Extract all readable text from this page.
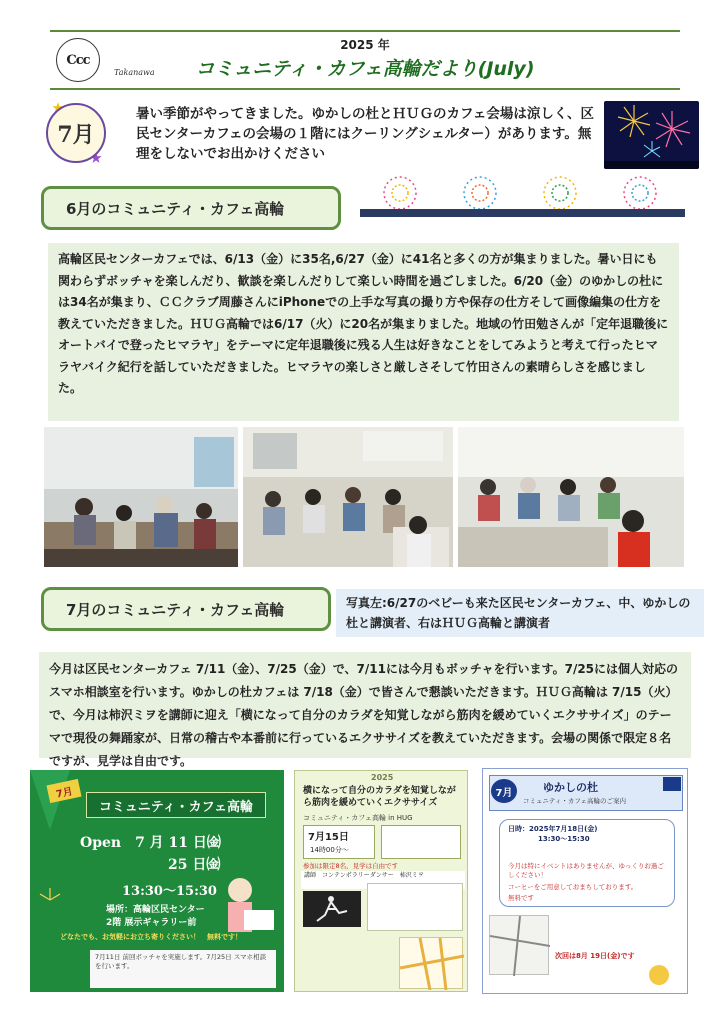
Ccc
Takanawa
2025 年
コミュニティ・カフェ高輪だより(July)
7月
暑い季節がやってきました。ゆかしの杜とＨＵＧのカフェ会場は涼しく、区民センターカフェの会場の１階にはクーリングシェルター）があります。無理をしないでお出かけください
6月のコミュニティ・カフェ高輪
高輪区民センターカフェでは、6/13（金）に35名,6/27（金）に41名と多くの方が集まりました。暑い日にも関わらずボッチャを楽しんだり、歓談を楽しんだりして楽しい時間を過ごしました。6/20（金）のゆかしの杜には34名が集まり、ＣＣクラブ周藤さんにiPhoneでの上手な写真の撮り方や保存の仕方そして画像編集の仕方を教えていただきました。ＨＵＧ高輪では6/17（火）に20名が集まりました。地域の竹田勉さんが「定年退職後にオートバイで登ったヒマラヤ」をテーマに定年退職後に残る人生は好きなことをしてみようと考えて行ったヒマラヤバイク紀行を話していただきました。ヒマラヤの楽しさと厳しさそして竹田さんの素晴らしさを感じました。
7月のコミュニティ・カフェ高輪	写真左:6/27のベビーも来た区民センターカフェ、中、ゆかしの杜と講演者、右はＨＵＧ高輪と講演者
今月は区民センターカフェ 7/11（金）、7/25（金）で、7/11には今月もボッチャを行います。7/25には個人対応のスマホ相談室を行います。ゆかしの杜カフェは 7/18（金）で皆さんで懇談いただきます。ＨＵＧ高輪は 7/15（火）で、今月は柿沢ミヲを講師に迎え「横になって自分のカラダを知覚しながら筋肉を緩めていくエクササイズ」のテーマで現役の舞踊家が、日常の稽古や本番前に行っているエクササイズを教えていただきます。会場の関係で限定８名ですが、見学は自由です。
7月
コミュニティ・カフェ高輪
Open　7 月 11 日㈮
25 日㈮
13:30～15:30
場所：高輪区民センター
2階 展示ギャラリー前
どなたでも、お気軽にお立ち寄りください！　無料です！
7月11日 前回ボッチャを実施します。7月25日 スマホ相談を行います。
2025
横になって自分のカラダを知覚しながら筋肉を緩めていくエクササイズ
コミュニティ・カフェ高輪 in HUG
7月15日
14時00分～
参加は限定8名、見学は自由です
講師　コンテンポラリーダンサー　柿沢ミヲ
7月	ゆかしの杜
コミュニティ・カフェ高輪のご案内
日時：2025年7月18日(金)
13:30～15:30
今月は特にイベントはありませんが、ゆっくりお過ごしください！
コーヒーをご用意しておまちしております。
無料です
次回は8月 19日(金)です
